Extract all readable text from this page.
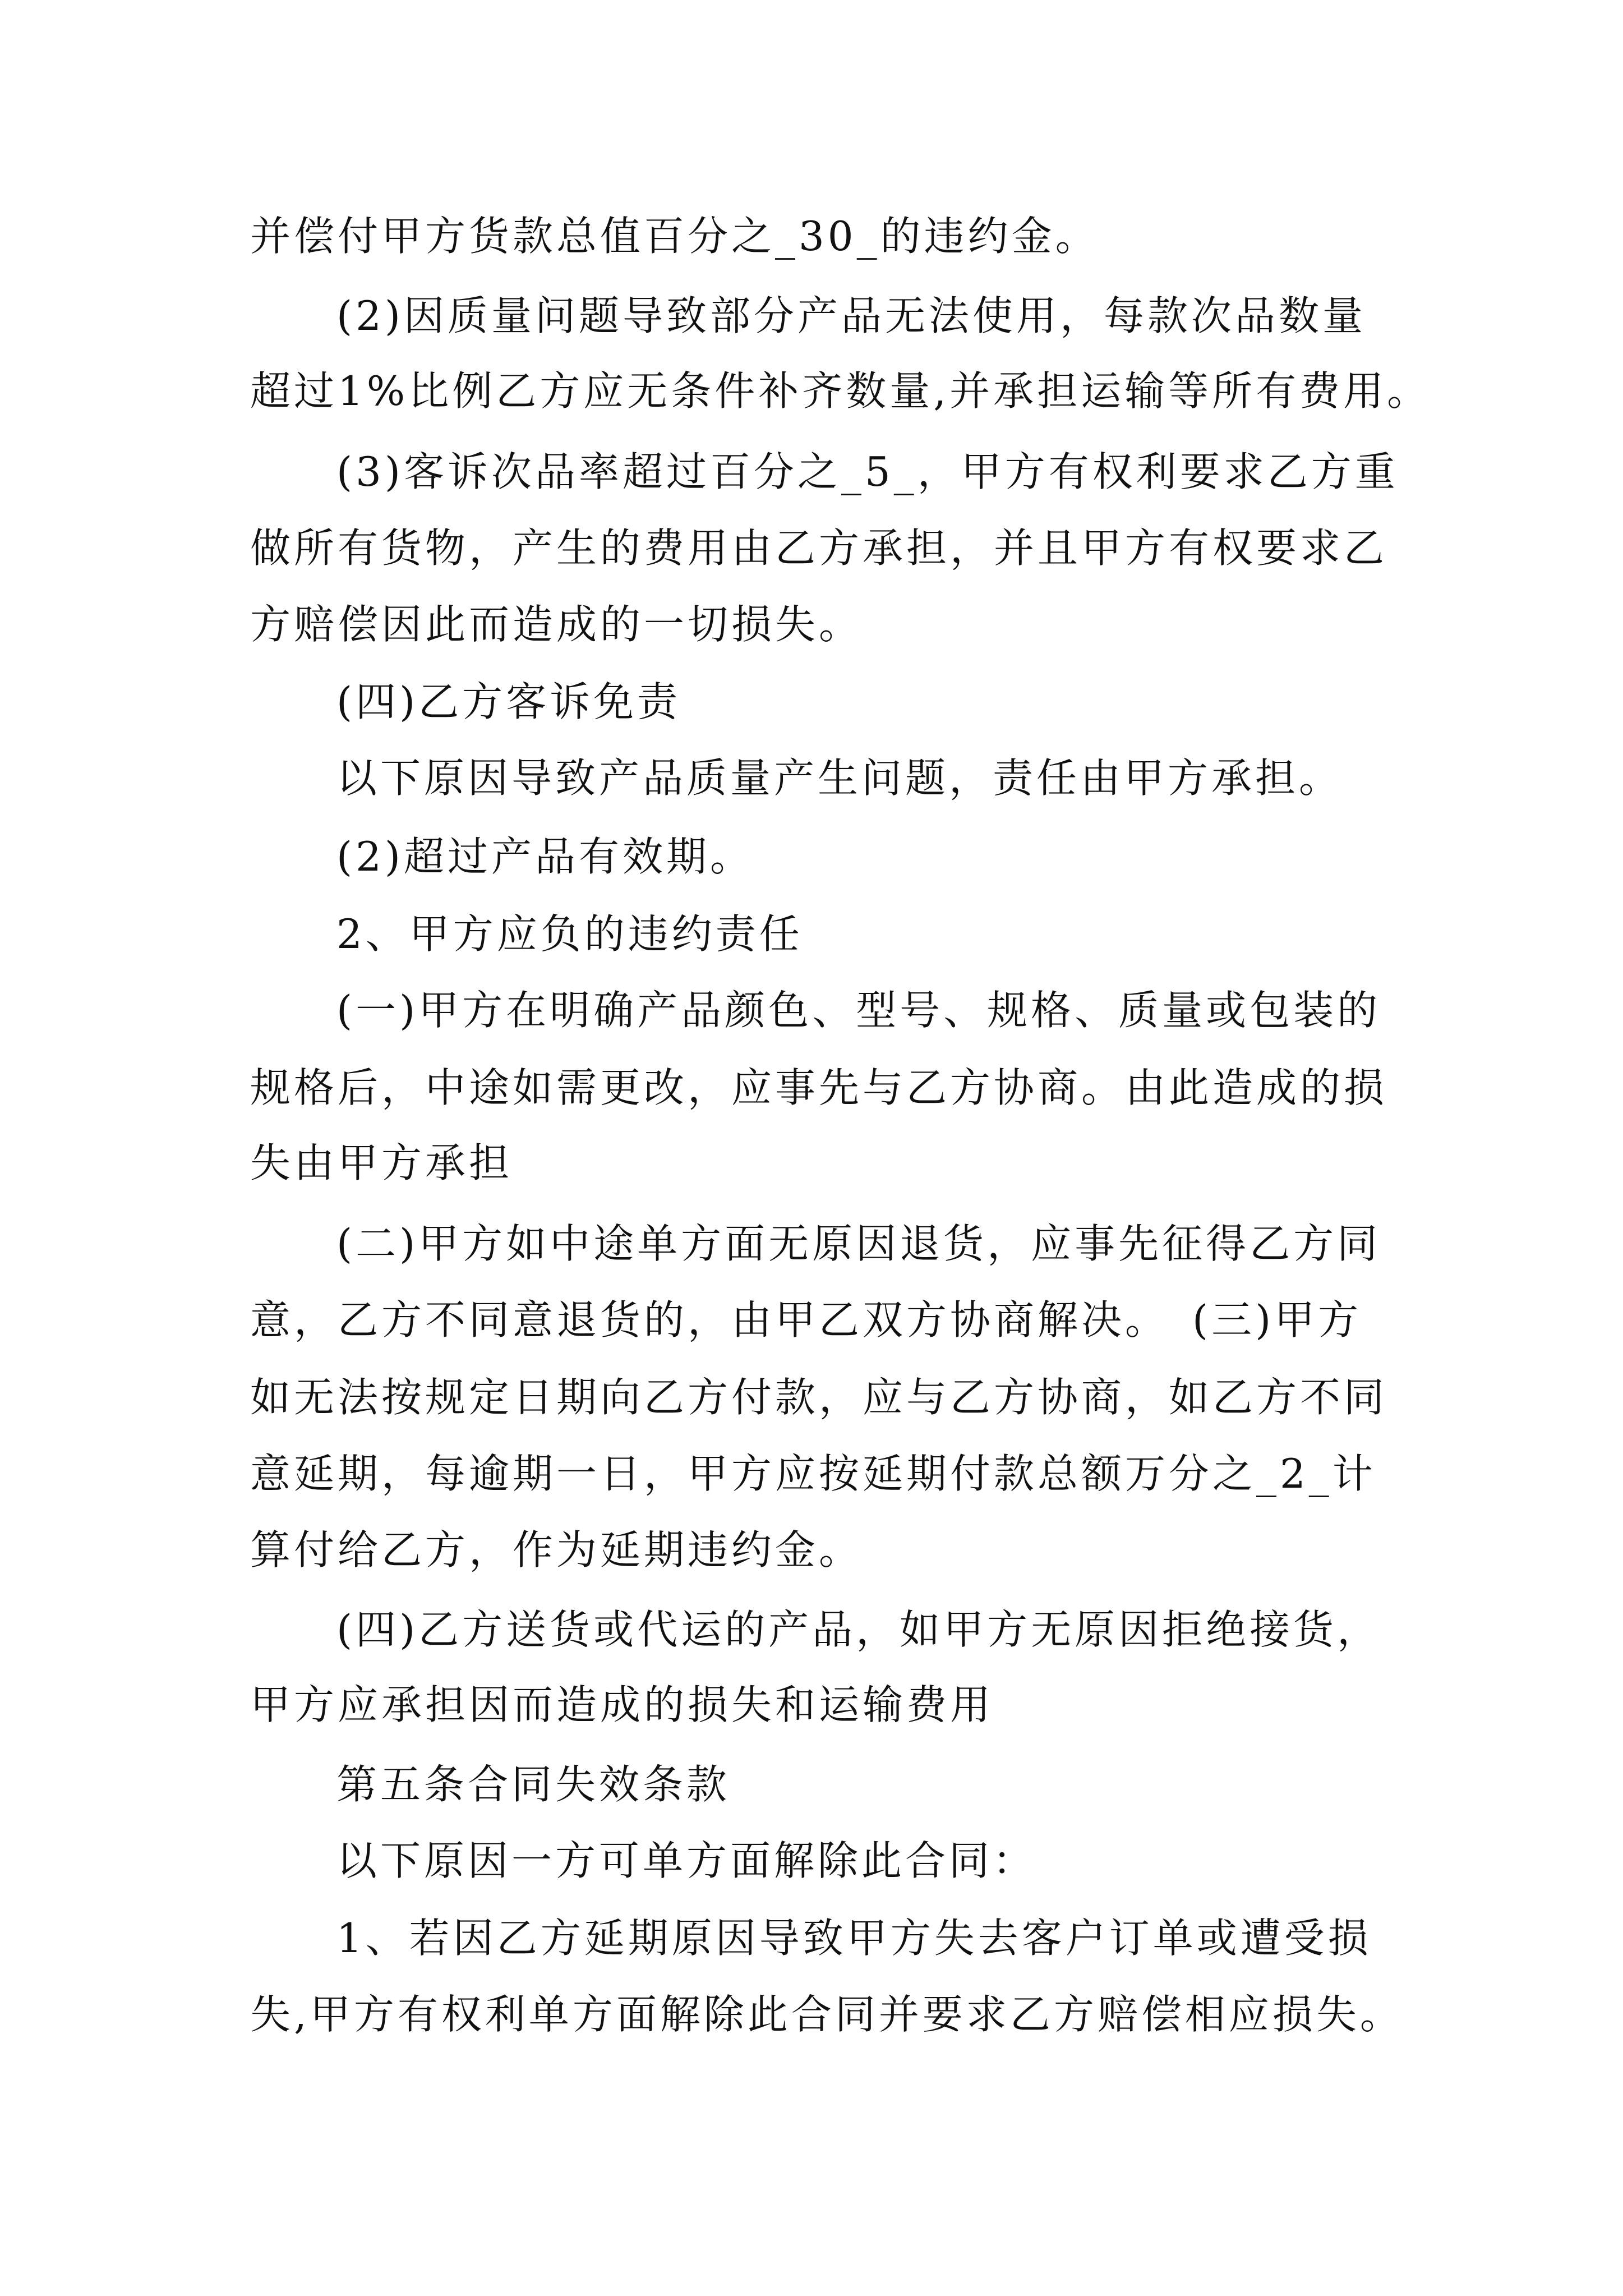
并偿付甲方货款总值百分之_30_的违约金。
(2)因质量问题导致部分产品无法使用，每款次品数量
超过1%比例乙方应无条件补齐数量,并承担运输等所有费用。
(3)客诉次品率超过百分之_5_，甲方有权利要求乙方重
做所有货物，产生的费用由乙方承担，并且甲方有权要求乙
方赔偿因此而造成的一切损失。
(四)乙方客诉免责
以下原因导致产品质量产生问题，责任由甲方承担。
(2)超过产品有效期。
2、甲方应负的违约责任
(一)甲方在明确产品颜色、型号、规格、质量或包装的
规格后，中途如需更改，应事先与乙方协商。由此造成的损
失由甲方承担
(二)甲方如中途单方面无原因退货，应事先征得乙方同
意，乙方不同意退货的，由甲乙双方协商解决。　(三)甲方
如无法按规定日期向乙方付款，应与乙方协商，如乙方不同
意延期，每逾期一日，甲方应按延期付款总额万分之_2_计
算付给乙方，作为延期违约金。
(四)乙方送货或代运的产品，如甲方无原因拒绝接货，
甲方应承担因而造成的损失和运输费用
第五条合同失效条款
以下原因一方可单方面解除此合同：
1、若因乙方延期原因导致甲方失去客户订单或遭受损
失,甲方有权利单方面解除此合同并要求乙方赔偿相应损失。
